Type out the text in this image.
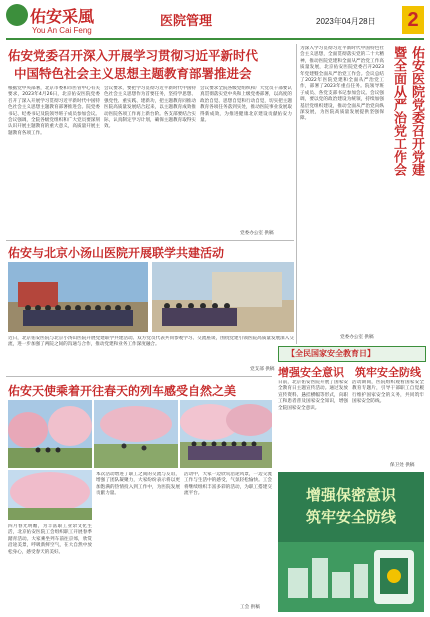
佑安采風
You An Cai Feng
医院管理	2023年04月28日 2
佑安党委召开深入开展学习贯彻习近平新时代
中国特色社会主义思想主题教育部署推进会
根据党中央部署，北京市委和市医管中心有关要求，2023年4月26日，北京佑安医院党委召开了深入开展学习贯彻习近平新时代中国特色社会主义思想主题教育部署推进会。院党委书记、纪委书记及院领导班子成员参加会议。会议强调，全院各级党组织和广大党员要深刻认识开展主题教育的重大意义，高质量开展主题教育各项工作。
会议要求，要把学习贯彻习近平新时代中国特色社会主义思想作为首要任务，坚持学思想、强党性、重实践、建新功，把主题教育同推动医院高质量发展结合起来，以主题教育成效推动医院各项工作再上新台阶。各支部要结合实际，认真制定学习计划，确保主题教育取得实效。
会议要求全院各级党组织和广大党员干部要认真贯彻落实党中央和上级党委部署，以高度的政治自觉、思想自觉和行动自觉，切实把主题教育各项任务落到实处，推动医院事业发展取得新成效，为推进健康北京建设贡献佑安力量。
党委办公室 供稿
为深入学习贯彻习近平新时代中国特色社会主义思想，全面贯彻落实党的二十大精神，推动医院党建和全面从严治党工作高质量发展，北京佑安医院党委召开2023年党建暨全面从严治党工作会。会议总结了2022年医院党建和全面从严治党工作，部署了2023年重点任务。院领导班子成员、各党支部书记参加会议。会议强调，要以党的政治建设为统领，持续加强基层党组织建设，推动全面从严治党向纵深发展，为医院高质量发展提供坚强保障。	佑安医院党委召开党建
暨全面从严治党工作会
党委办公室 供稿
佑安与北京小汤山医院开展联学共建活动
近日，北京佑安医院与北京小汤山医院开展党建联学共建活动。双方党员代表共同参观学习、交流座谈，围绕党建引领医院高质量发展深入交流，进一步加强了两院之间的沟通与合作，推动党建和业务工作深度融合。
党支部 供稿
佑安天使乘着开往春天的列车感受自然之美
四月春光明媚，为丰富职工业余文化生活，北京佑安医院工会组织职工开展春季踏青活动。大家乘坐列车前往京郊，欣赏沿途美景，呼吸新鲜空气，在大自然中放松身心，感受春天的美好。
本次活动增进了职工之间的交流与友谊，增强了团队凝聚力，大家纷纷表示将以更加饱满的热情投入到工作中，为医院发展贡献力量。
活动中，大家一边欣赏沿途风景，一边交流工作与生活中的感受，气氛轻松愉快。工会将继续组织丰富多彩的活动，为职工搭建交流平台。
工会 供稿
【全民国家安全教育日】
增强安全意识　筑牢安全防线
日前，北京佑安医院开展了国家安全教育日主题宣传活动。通过发放宣传资料、悬挂横幅等形式，向职工和患者普及国家安全知识，增强全院国家安全意识。
活动期间，医院组织观看国家安全教育专题片，引导干部职工自觉履行维护国家安全的义务，共同筑牢国家安全防线。
保卫处 供稿
增强保密意识
筑牢安全防线
